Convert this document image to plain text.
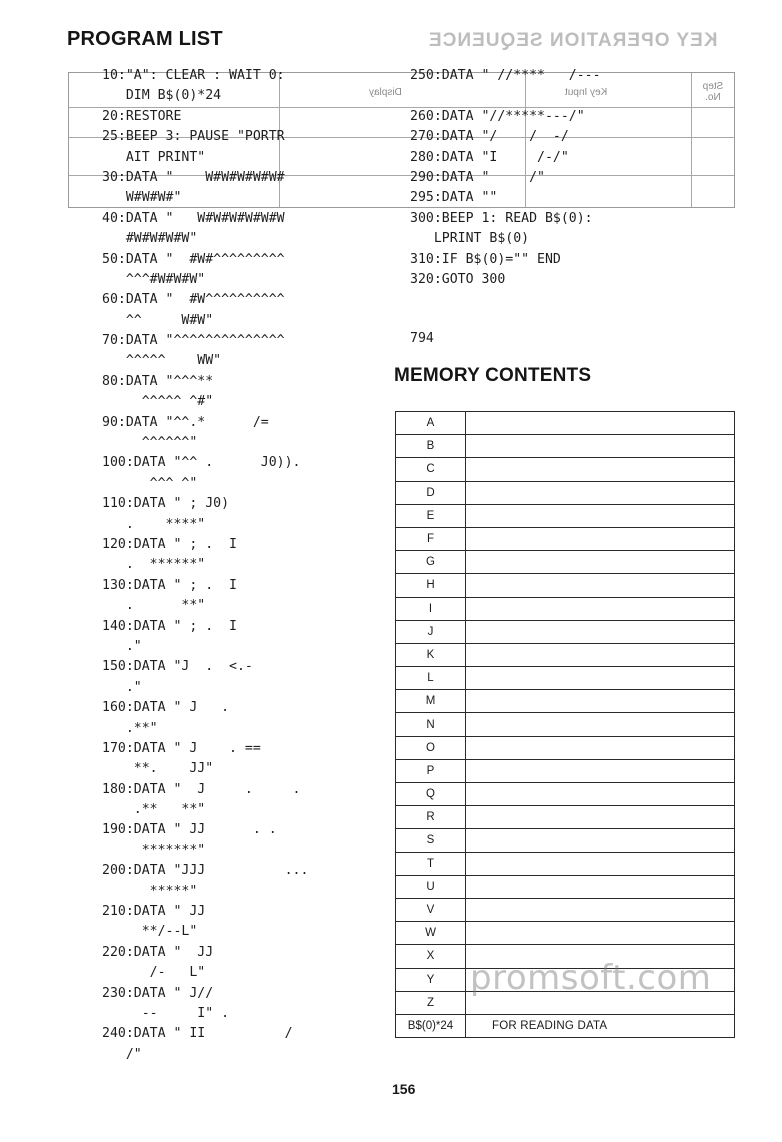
PROGRAM LIST	KEY OPERATION SEQUENCE
Display	Key Input
Step No.
10:"A": CLEAR : WAIT 0:
DIM B$(0)*24
20:RESTORE
25:BEEP 3: PAUSE "PORTR
AIT PRINT"
30:DATA "    W#W#W#W#W#
W#W#W#"
40:DATA "   W#W#W#W#W#W
#W#W#W#W"
50:DATA "  #W#^^^^^^^^^
^^^#W#W#W"
60:DATA "  #W^^^^^^^^^^
^^     W#W"
70:DATA "^^^^^^^^^^^^^^
^^^^^    WW"
80:DATA "^^^**
^^^^^ ^#"
90:DATA "^^.*      /=
^^^^^^"
100:DATA "^^ .      J0)).
^^^ ^"
110:DATA " ; J0)
.    ****"
120:DATA " ; .  I
.  ******"
130:DATA " ; .  I
.      **"
140:DATA " ; .  I
."
150:DATA "J  .  <.-
."
160:DATA " J   .
.**"
170:DATA " J    . ==
**.    JJ"
180:DATA "  J     .     .
.**   **"
190:DATA " JJ      . .
*******"
200:DATA "JJJ          ...
*****"
210:DATA " JJ
**/--L"
220:DATA "  JJ
/-   L"
230:DATA " J//
--     I" .
240:DATA " II          /
/"
250:DATA " //****   /---
260:DATA "//*****---/"
270:DATA "/    /  -/
280:DATA "I     /-/"
290:DATA "     /"
295:DATA ""
300:BEEP 1: READ B$(0):
LPRINT B$(0)
310:IF B$(0)="" END
320:GOTO 300
794
MEMORY CONTENTS
A	
B	
C	
D	
E	
F	
G	
H	
I	
J	
K	
L	
M	
N	
O	
P	
Q	
R	
S	
T	
U	
V	
W	
X	
Y	
Z	
B$(0)*24	FOR READING DATA
promsoft.com
156
